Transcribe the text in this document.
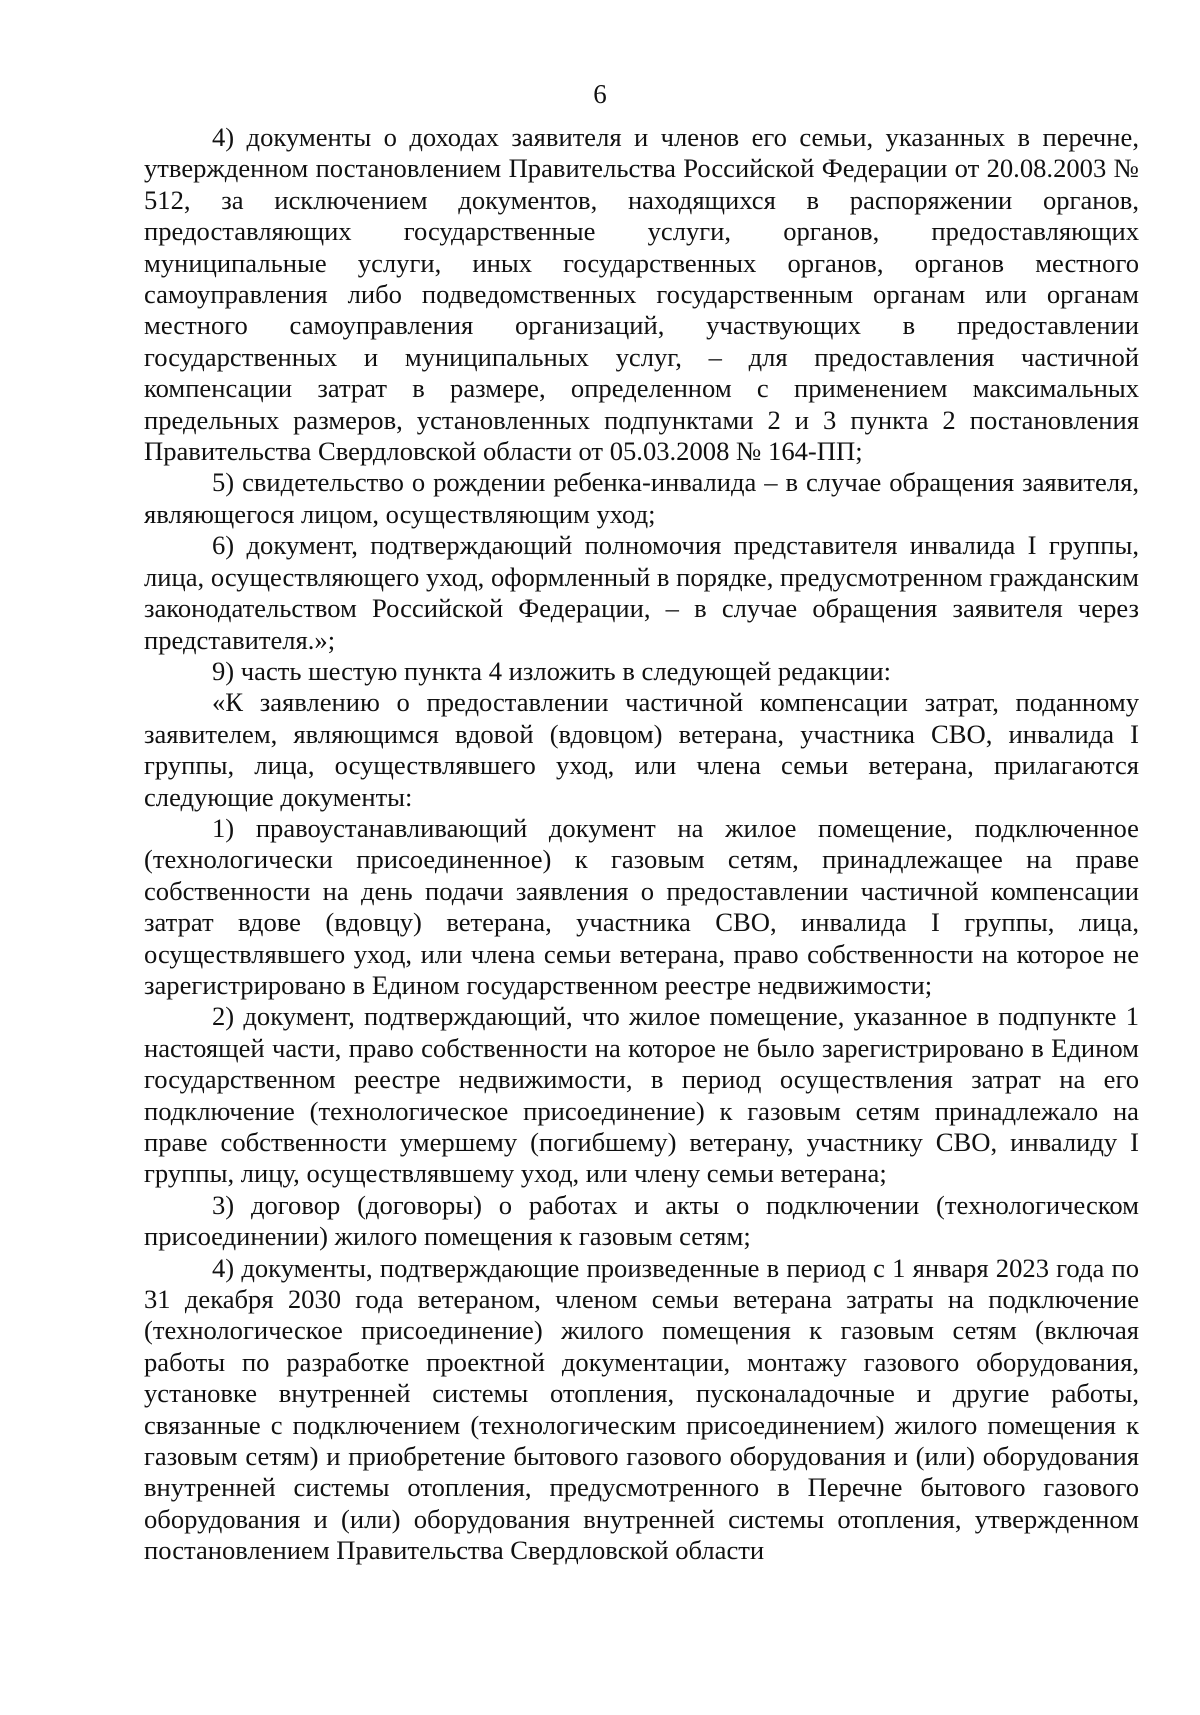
6

4) документы о доходах заявителя и членов его семьи, указанных в перечне, утвержденном постановлением Правительства Российской Федерации от 20.08.2003 № 512, за исключением документов, находящихся в распоряжении органов, предоставляющих государственные услуги, органов, предоставляющих муниципальные услуги, иных государственных органов, органов местного самоуправления либо подведомственных государственным органам или органам местного самоуправления организаций, участвующих в предоставлении государственных и муниципальных услуг, – для предоставления частичной компенсации затрат в размере, определенном с применением максимальных предельных размеров, установленных подпунктами 2 и 3 пункта 2 постановления Правительства Свердловской области от 05.03.2008 № 164-ПП;

5) свидетельство о рождении ребенка-инвалида – в случае обращения заявителя, являющегося лицом, осуществляющим уход;

6) документ, подтверждающий полномочия представителя инвалида I группы, лица, осуществляющего уход, оформленный в порядке, предусмотренном гражданским законодательством Российской Федерации, – в случае обращения заявителя через представителя.»;

9) часть шестую пункта 4 изложить в следующей редакции:

«К заявлению о предоставлении частичной компенсации затрат, поданному заявителем, являющимся вдовой (вдовцом) ветерана, участника СВО, инвалида I группы, лица, осуществлявшего уход, или члена семьи ветерана, прилагаются следующие документы:

1) правоустанавливающий документ на жилое помещение, подключенное (технологически присоединенное) к газовым сетям, принадлежащее на праве собственности на день подачи заявления о предоставлении частичной компенсации затрат вдове (вдовцу) ветерана, участника СВО, инвалида I группы, лица, осуществлявшего уход, или члена семьи ветерана, право собственности на которое не зарегистрировано в Едином государственном реестре недвижимости;

2) документ, подтверждающий, что жилое помещение, указанное в подпункте 1 настоящей части, право собственности на которое не было зарегистрировано в Едином государственном реестре недвижимости, в период осуществления затрат на его подключение (технологическое присоединение) к газовым сетям принадлежало на праве собственности умершему (погибшему) ветерану, участнику СВО, инвалиду I группы, лицу, осуществлявшему уход, или члену семьи ветерана;

3) договор (договоры) о работах и акты о подключении (технологическом присоединении) жилого помещения к газовым сетям;

4) документы, подтверждающие произведенные в период с 1 января 2023 года по 31 декабря 2030 года ветераном, членом семьи ветерана затраты на подключение (технологическое присоединение) жилого помещения к газовым сетям (включая работы по разработке проектной документации, монтажу газового оборудования, установке внутренней системы отопления, пусконаладочные и другие работы, связанные с подключением (технологическим присоединением) жилого помещения к газовым сетям) и приобретение бытового газового оборудования и (или) оборудования внутренней системы отопления, предусмотренного в Перечне бытового газового оборудования и (или) оборудования внутренней системы отопления, утвержденном постановлением Правительства Свердловской области
